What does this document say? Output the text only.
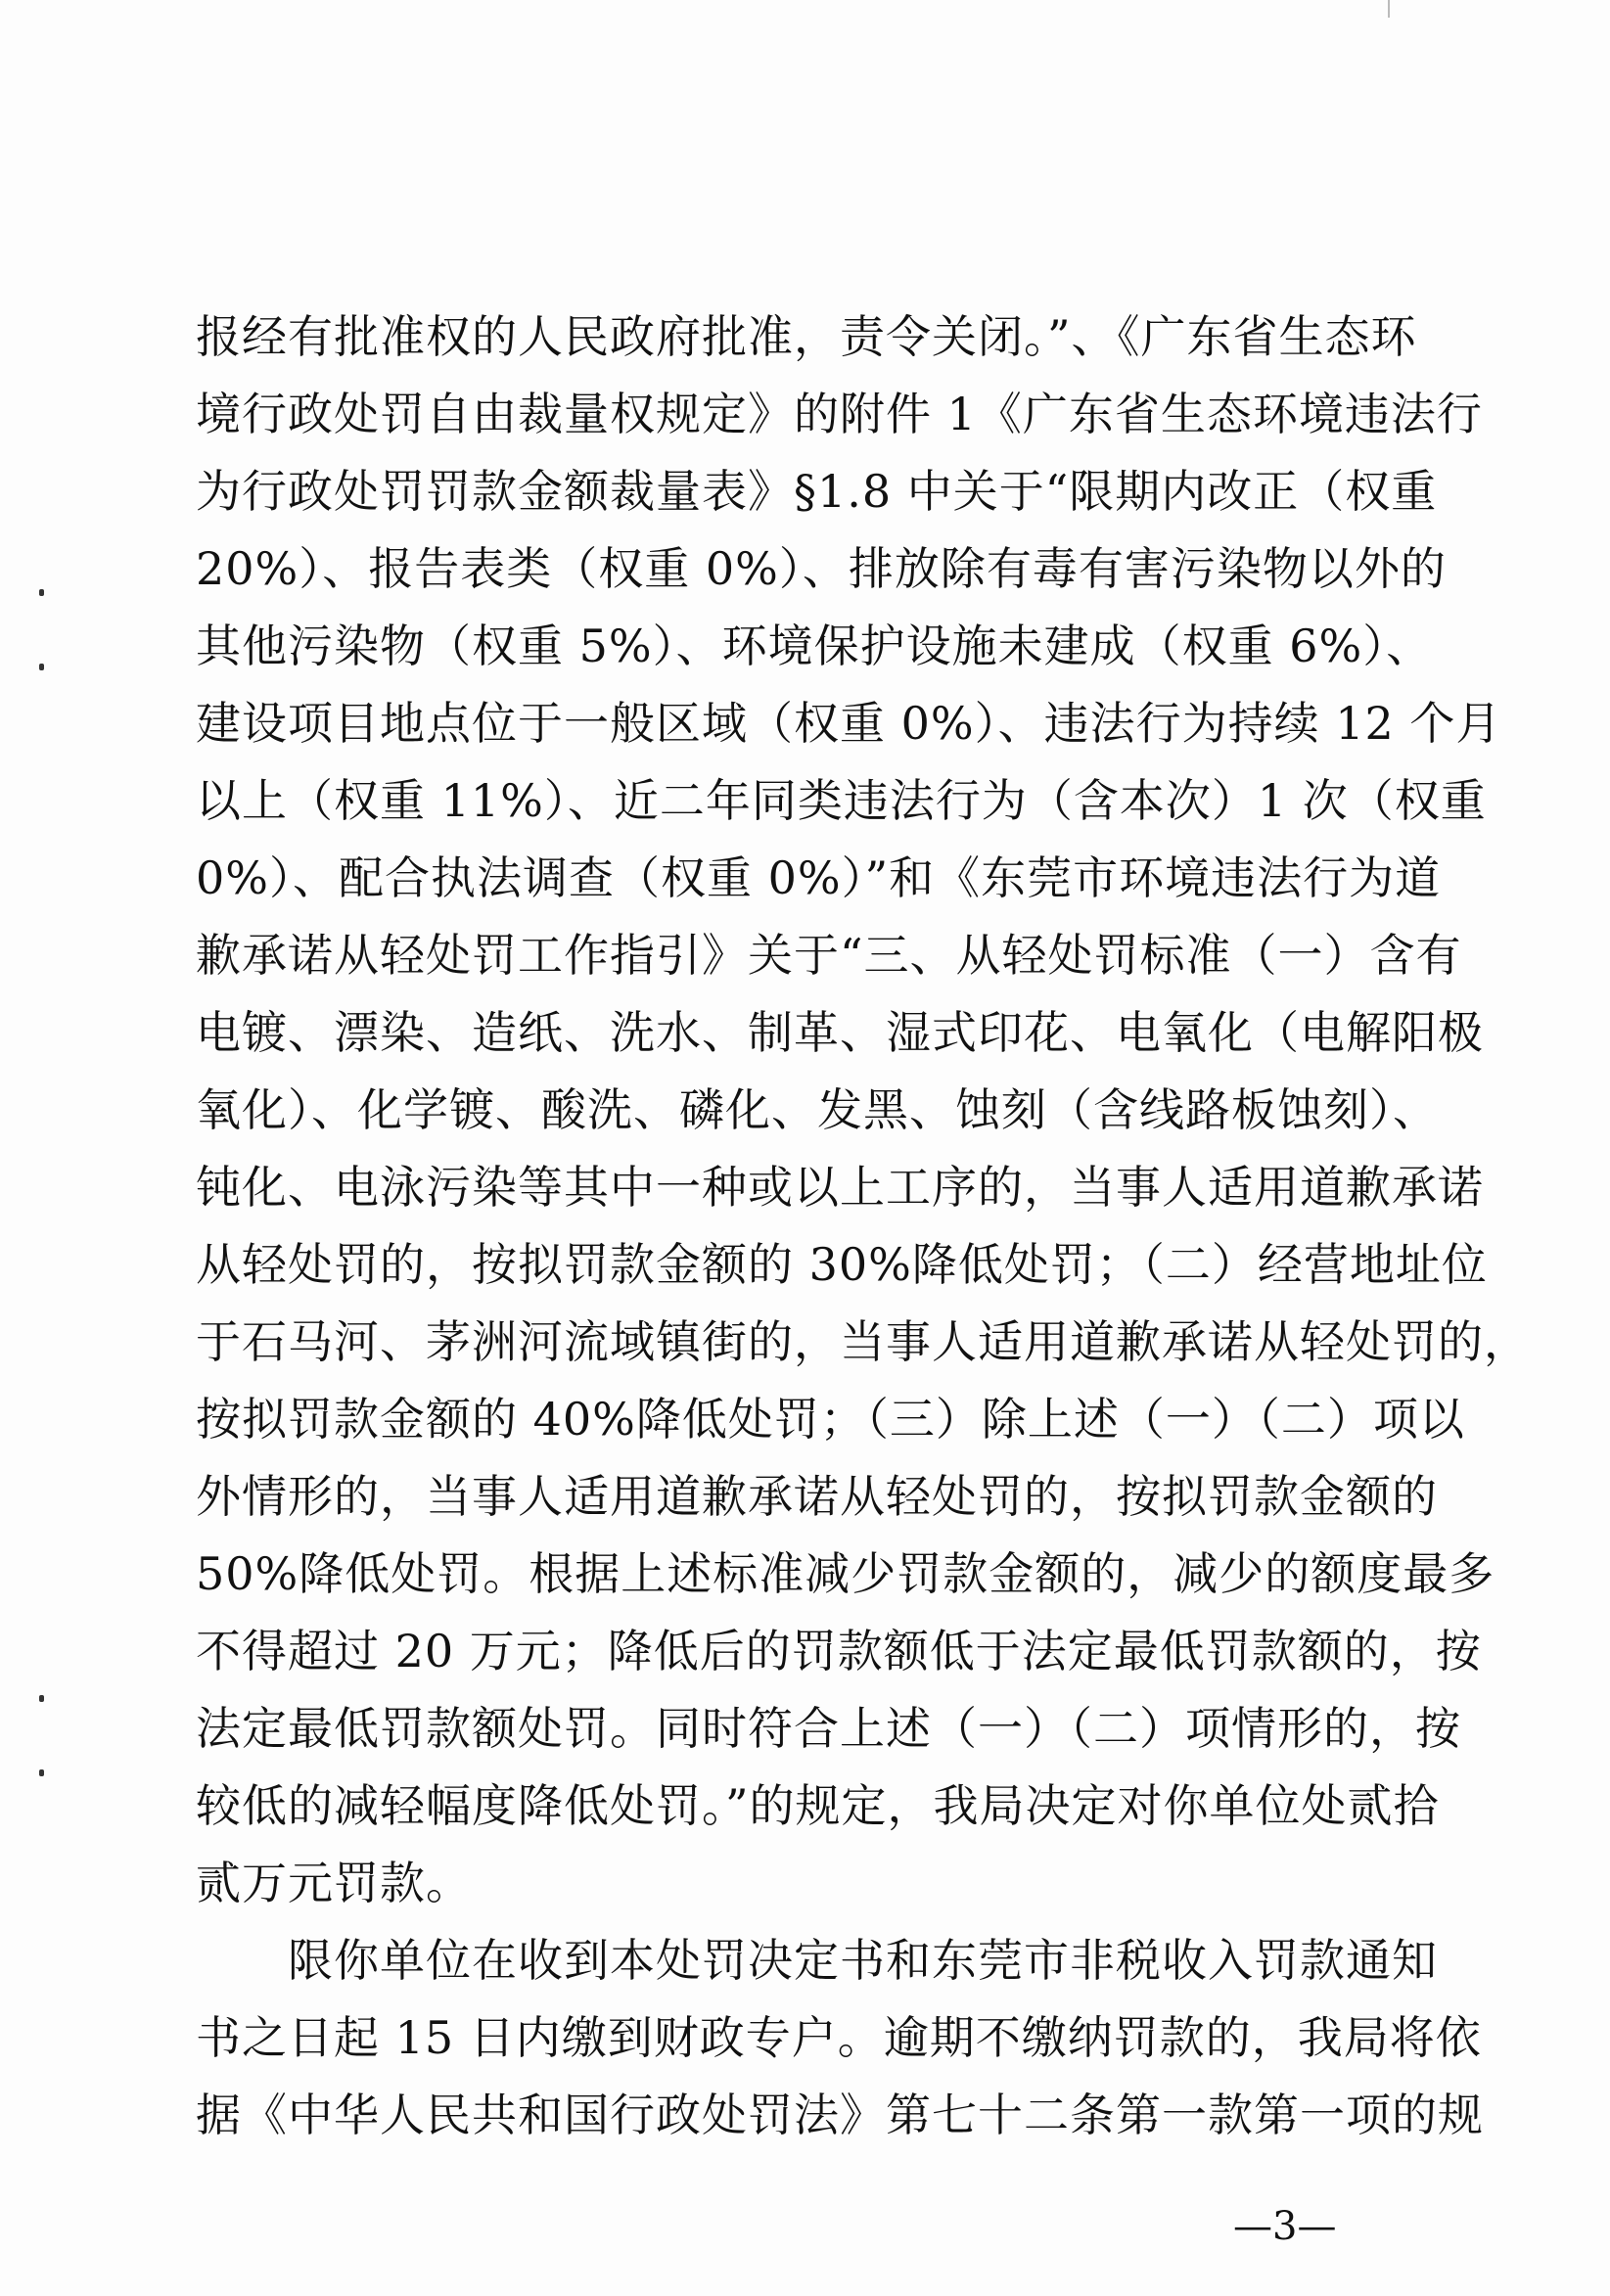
报经有批准权的人民政府批准，责令关闭。”、《广东省生态环
境行政处罚自由裁量权规定》的附件 1《广东省生态环境违法行
为行政处罚罚款金额裁量表》§1.8 中关于“限期内改正（权重
20%）、报告表类（权重 0%）、排放除有毒有害污染物以外的
其他污染物（权重 5%）、环境保护设施未建成（权重 6%）、
建设项目地点位于一般区域（权重 0%）、违法行为持续 12 个月
以上（权重 11%）、近二年同类违法行为（含本次）1 次（权重
0%）、配合执法调查（权重 0%）”和《东莞市环境违法行为道
歉承诺从轻处罚工作指引》关于“三、从轻处罚标准（一）含有
电镀、漂染、造纸、洗水、制革、湿式印花、电氧化（电解阳极
氧化）、化学镀、酸洗、磷化、发黑、蚀刻（含线路板蚀刻）、
钝化、电泳污染等其中一种或以上工序的，当事人适用道歉承诺
从轻处罚的，按拟罚款金额的 30%降低处罚；（二）经营地址位
于石马河、茅洲河流域镇街的，当事人适用道歉承诺从轻处罚的，
按拟罚款金额的 40%降低处罚；（三）除上述（一）（二）项以
外情形的，当事人适用道歉承诺从轻处罚的，按拟罚款金额的
50%降低处罚。根据上述标准减少罚款金额的，减少的额度最多
不得超过 20 万元；降低后的罚款额低于法定最低罚款额的，按
法定最低罚款额处罚。同时符合上述（一）（二）项情形的，按
较低的减轻幅度降低处罚。”的规定，我局决定对你单位处贰拾
贰万元罚款。
限你单位在收到本处罚决定书和东莞市非税收入罚款通知
书之日起 15 日内缴到财政专户。逾期不缴纳罚款的，我局将依
据《中华人民共和国行政处罚法》第七十二条第一款第一项的规
—3—
